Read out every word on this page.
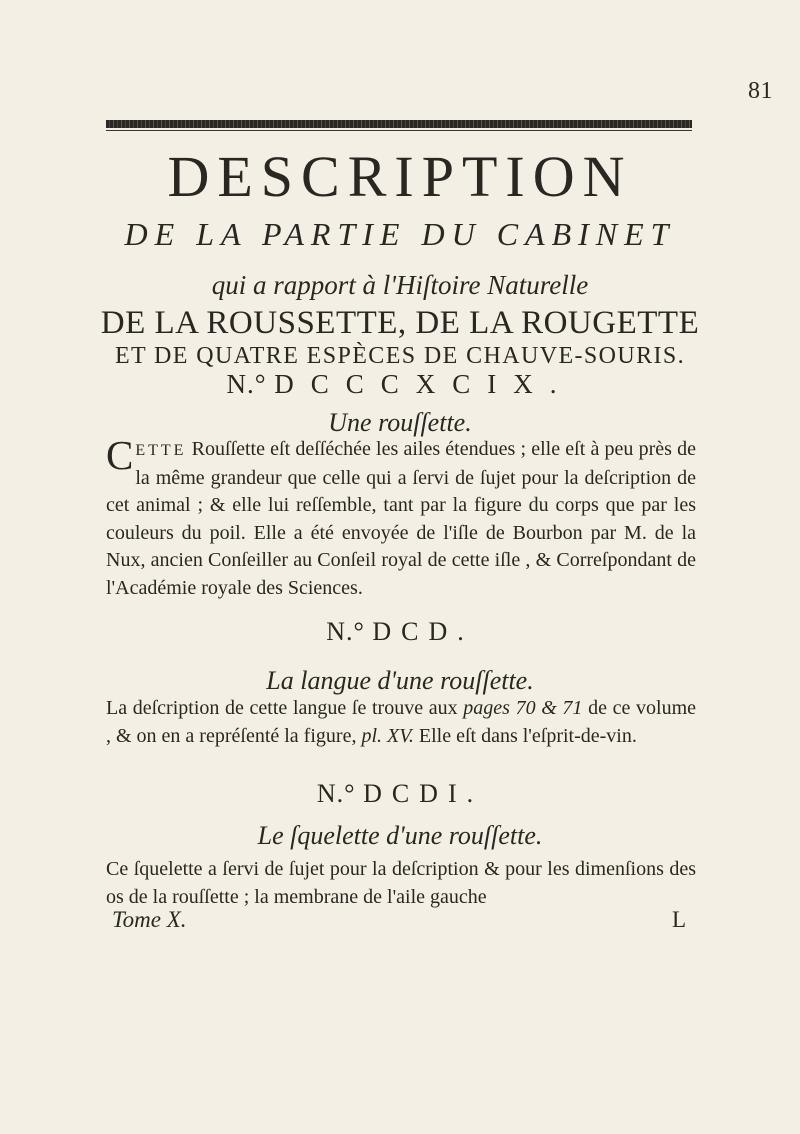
81
DESCRIPTION
DE LA PARTIE DU CABINET
qui a rapport à l'Hiſtoire Naturelle
DE LA ROUSSETTE, DE LA ROUGETTE
ET DE QUATRE ESPÈCES DE CHAUVE-SOURIS.
N.° DCCCXCIX.
Une rouſſette.
CETTE Rouſſette eſt deſſéchée les ailes étendues ; elle eſt à peu près de la même grandeur que celle qui a ſervi de ſujet pour la deſcription de cet animal ; & elle lui reſſemble, tant par la figure du corps que par les couleurs du poil. Elle a été envoyée de l'iſle de Bourbon par M. de la Nux, ancien Conſeiller au Conſeil royal de cette iſle , & Correſpondant de l'Académie royale des Sciences.
N.° DCD.
La langue d'une rouſſette.
La deſcription de cette langue ſe trouve aux pages 70 & 71 de ce volume , & on en a repréſenté la figure, pl. XV. Elle eſt dans l'eſprit-de-vin.
N.° DCDI.
Le ſquelette d'une rouſſette.
Ce ſquelette a ſervi de ſujet pour la deſcription & pour les dimenſions des os de la rouſſette ; la membrane de l'aile gauche
Tome X.	L
